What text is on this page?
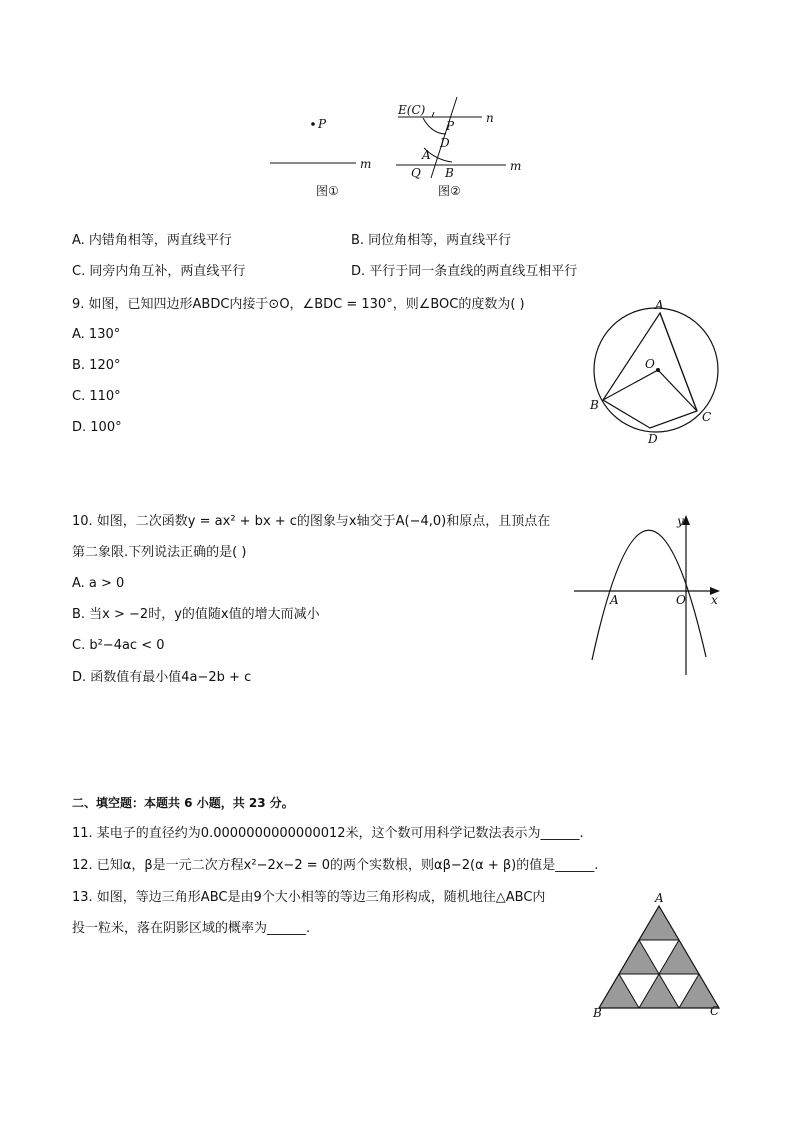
P
m
图①
E(C)
P
n
D
A
Q B	m
图②
A. 内错角相等，两直线平行	B. 同位角相等，两直线平行
C. 同旁内角互补，两直线平行	D. 平行于同一条直线的两直线互相平行
9. 如图，已知四边形ABDC内接于⊙O，∠BDC = 130°，则∠BOC的度数为( )
A. 130°
B. 120°
C. 110°
D. 100°
A
O
B
C
D
10. 如图，二次函数y = ax² + bx + c的图象与x轴交于A(−4,0)和原点，且顶点在
第二象限.下列说法正确的是( )
A. a > 0
B. 当x > −2时，y的值随x值的增大而减小
C. b²−4ac < 0
D. 函数值有最小值4a−2b + c
y
x
A	O
二、填空题：本题共 6 小题，共 23 分。
11. 某电子的直径约为0.0000000000000012米，这个数可用科学记数法表示为______.
12. 已知α，β是一元二次方程x²−2x−2 = 0的两个实数根，则αβ−2(α + β)的值是______.
13. 如图，等边三角形ABC是由9个大小相等的等边三角形构成，随机地往△ABC内
投一粒米，落在阴影区域的概率为______.
A
B	C
